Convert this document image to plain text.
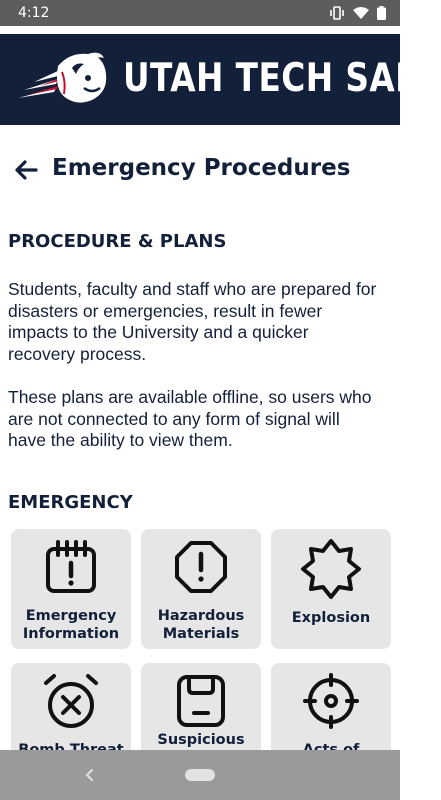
4:12
UTAH TECH SAFE
Emergency Procedures
PROCEDURE & PLANS
Students, faculty and staff who are prepared for disasters or emergencies, result in fewer impacts to the University and a quicker recovery process.
These plans are available offline, so users who are not connected to any form of signal will have the ability to view them.
EMERGENCY
Emergency Information
Hazardous Materials
Explosion
Suspicious
